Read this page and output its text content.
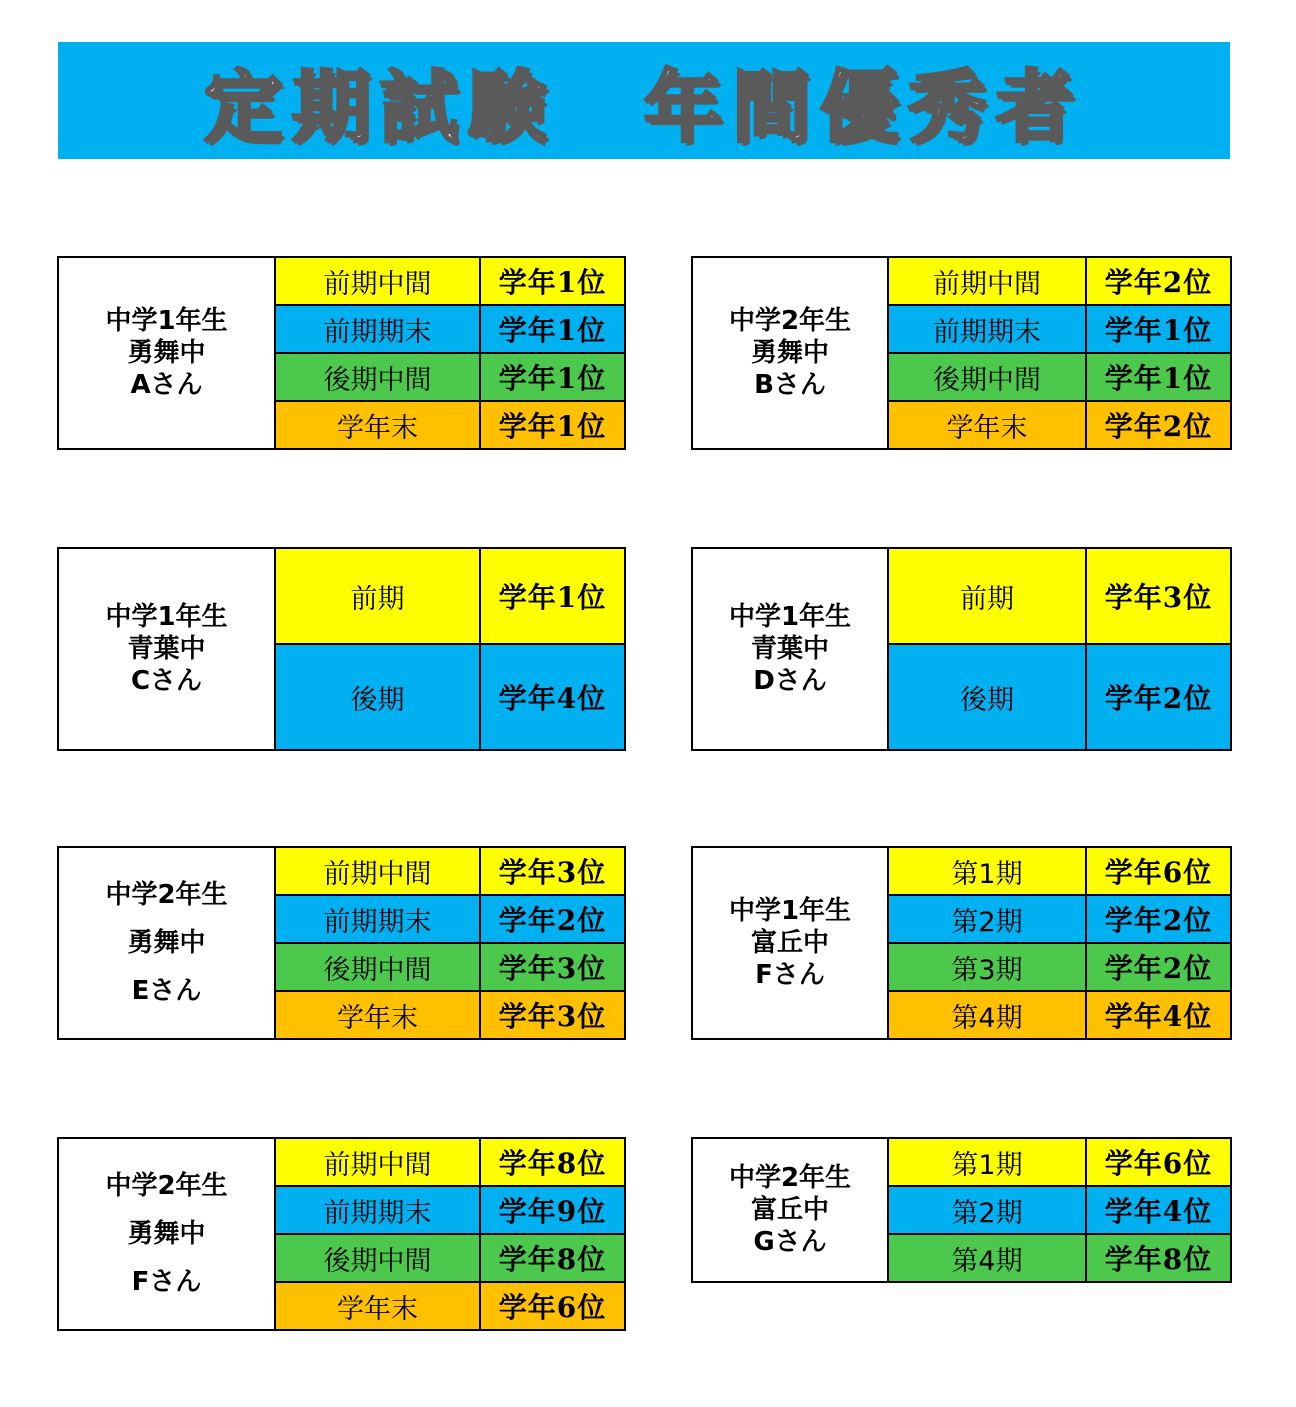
定期試験　年間優秀者
中学1年生
勇舞中
Aさん	前期中間	学年1位
	前期期末	学年1位
	後期中間	学年1位
	学年末	学年1位
中学2年生
勇舞中
Bさん	前期中間	学年2位
	前期期末	学年1位
	後期中間	学年1位
	学年末	学年2位
中学1年生
青葉中
Cさん	前期	学年1位
	後期	学年4位
中学1年生
青葉中
Dさん	前期	学年3位
	後期	学年2位
中学2年生
勇舞中
Eさん	前期中間	学年3位
	前期期末	学年2位
	後期中間	学年3位
	学年末	学年3位
中学1年生
富丘中
Fさん	第1期	学年6位
	第2期	学年2位
	第3期	学年2位
	第4期	学年4位
中学2年生
勇舞中
Fさん	前期中間	学年8位
	前期期末	学年9位
	後期中間	学年8位
	学年末	学年6位
中学2年生
富丘中
Gさん	第1期	学年6位
	第2期	学年4位
	第4期	学年8位
